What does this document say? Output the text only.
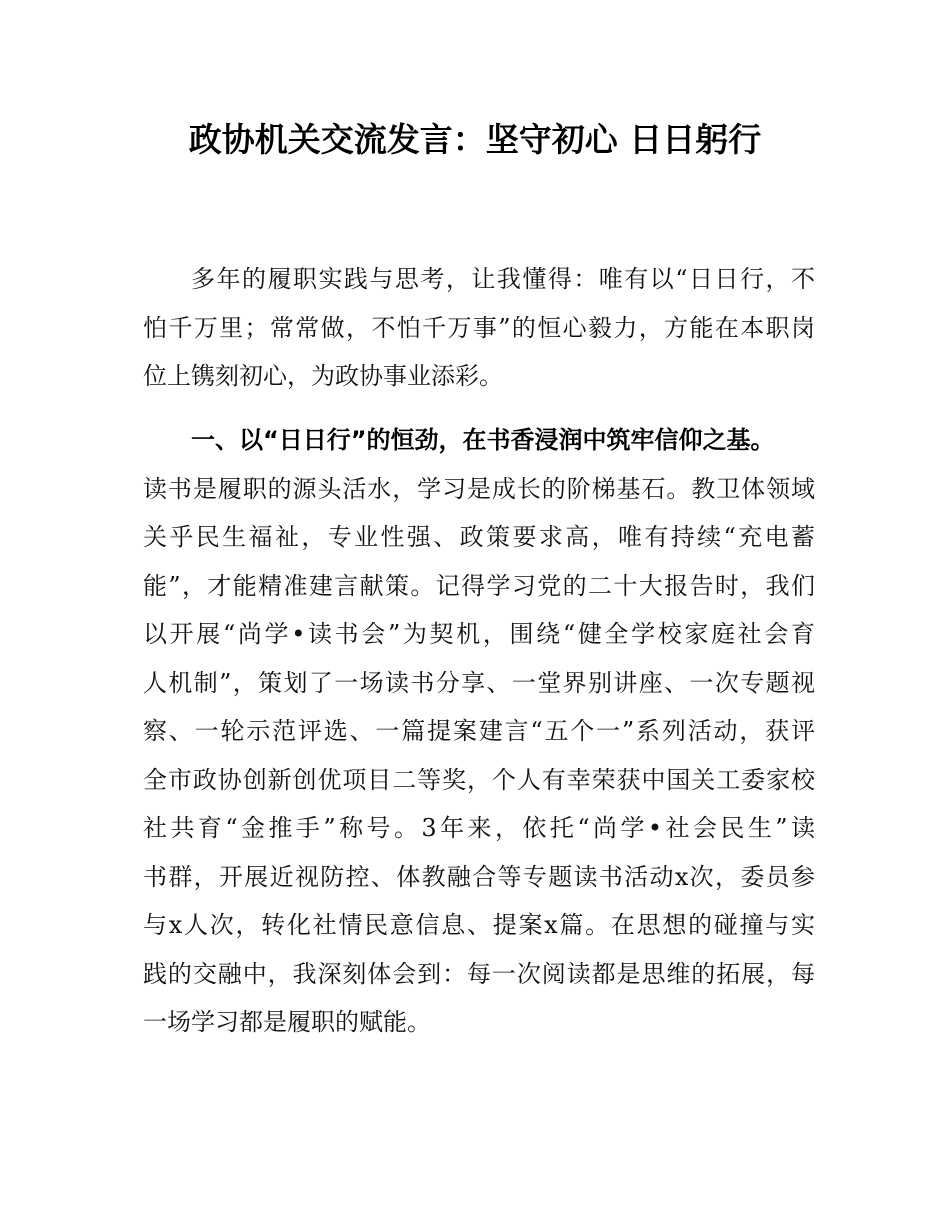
政协机关交流发言：坚守初心 日日躬行
多年的履职实践与思考，让我懂得：唯有以“日日行，不
怕千万里；常常做，不怕千万事”的恒心毅力，方能在本职岗
位上镌刻初心，为政协事业添彩。
一、以“日日行”的恒劲，在书香浸润中筑牢信仰之基。
读书是履职的源头活水，学习是成长的阶梯基石。教卫体领域
关乎民生福祉，专业性强、政策要求高，唯有持续“充电蓄
能”，才能精准建言献策。记得学习党的二十大报告时，我们
以开展“尚学•读书会”为契机，围绕“健全学校家庭社会育
人机制”，策划了一场读书分享、一堂界别讲座、一次专题视
察、一轮示范评选、一篇提案建言“五个一”系列活动，获评
全市政协创新创优项目二等奖，个人有幸荣获中国关工委家校
社共育“金推手”称号。3年来，依托“尚学•社会民生”读
书群，开展近视防控、体教融合等专题读书活动x次，委员参
与x人次，转化社情民意信息、提案x篇。在思想的碰撞与实
践的交融中，我深刻体会到：每一次阅读都是思维的拓展，每
一场学习都是履职的赋能。
